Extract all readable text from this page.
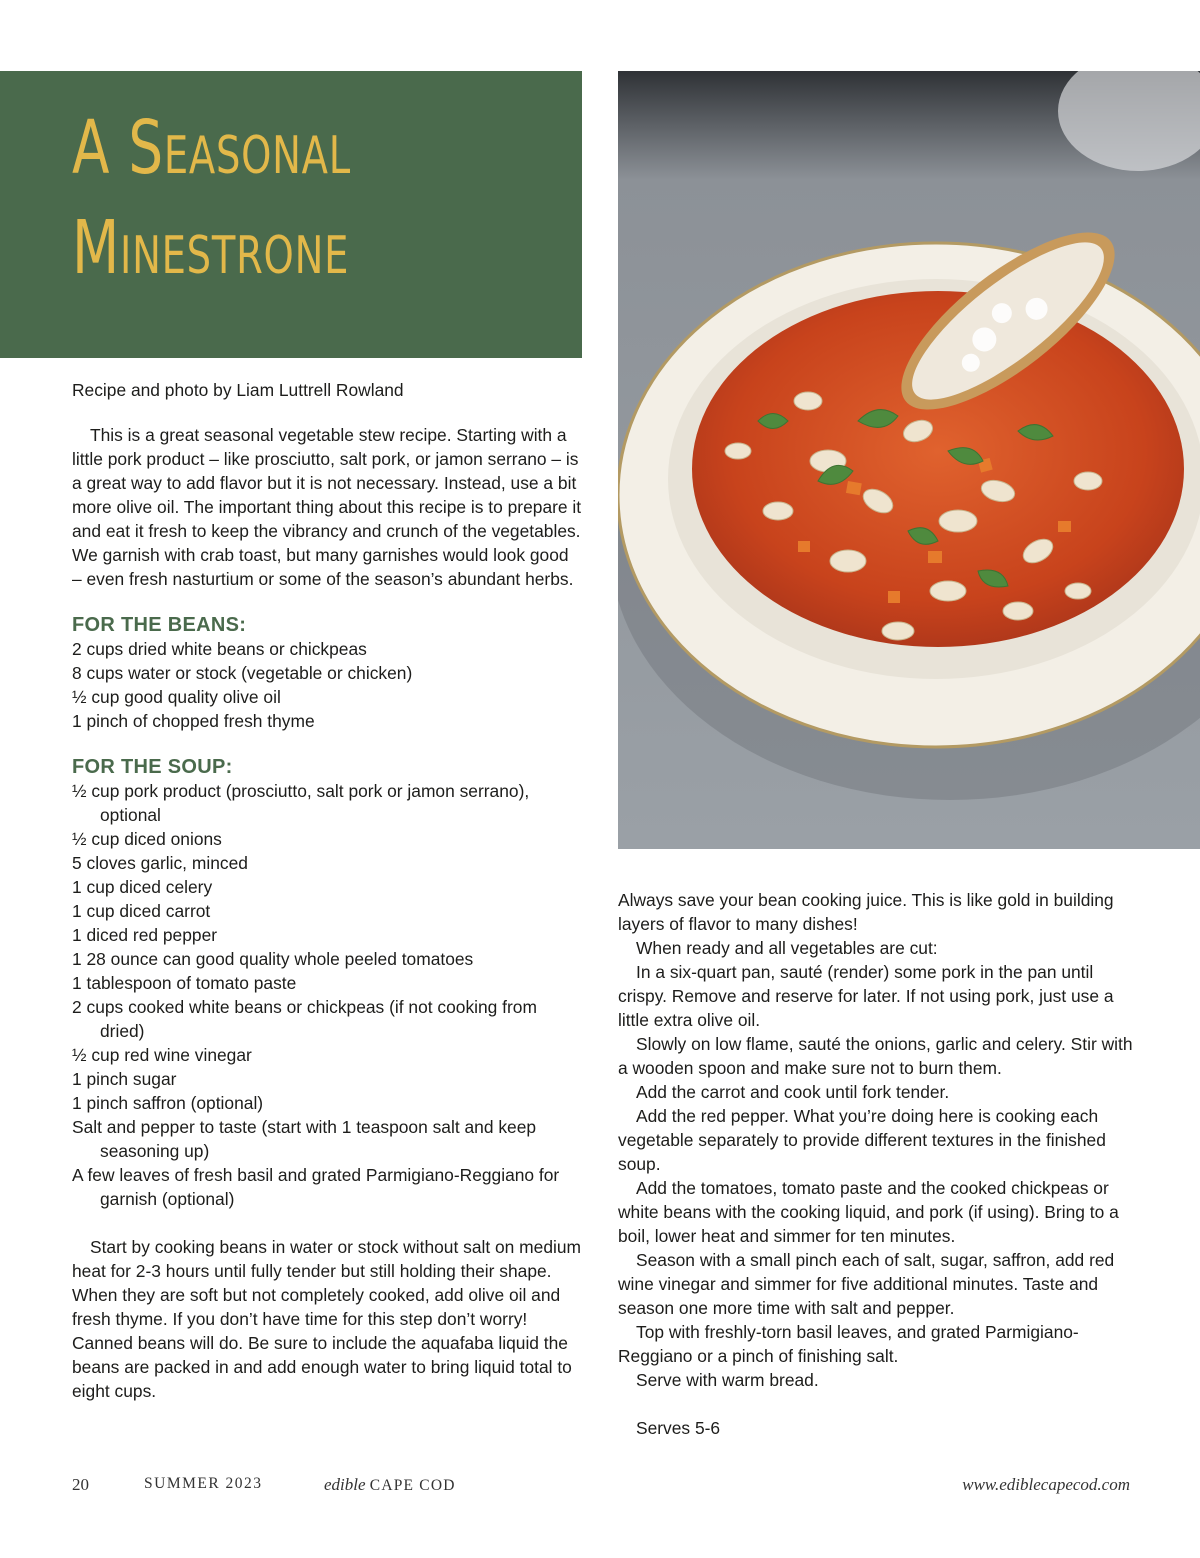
A Seasonal
Minestrone

Recipe and photo by Liam Luttrell Rowland

This is a great seasonal vegetable stew recipe. Starting with a little pork product – like prosciutto, salt pork, or jamon serrano – is a great way to add flavor but it is not necessary. Instead, use a bit more olive oil. The important thing about this recipe is to prepare it and eat it fresh to keep the vibrancy and crunch of the vegetables. We garnish with crab toast, but many garnishes would look good – even fresh nasturtium or some of the season’s abundant herbs.

FOR THE BEANS:

2 cups dried white beans or chickpeas

8 cups water or stock (vegetable or chicken)

½ cup good quality olive oil

1 pinch of chopped fresh thyme

FOR THE SOUP:

½ cup pork product (prosciutto, salt pork or jamon serrano), optional

½ cup diced onions

5 cloves garlic, minced

1 cup diced celery

1 cup diced carrot

1 diced red pepper

1 28 ounce can good quality whole peeled tomatoes

1 tablespoon of tomato paste

2 cups cooked white beans or chickpeas (if not cooking from dried)

½ cup red wine vinegar

1 pinch sugar

1 pinch saffron (optional)

Salt and pepper to taste (start with 1 teaspoon salt and keep seasoning up)

A few leaves of fresh basil and grated Parmigiano-Reggiano for garnish (optional)

Start by cooking beans in water or stock without salt on medium heat for 2-3 hours until fully tender but still holding their shape. When they are soft but not completely cooked, add olive oil and fresh thyme. If you don’t have time for this step don’t worry! Canned beans will do. Be sure to include the aquafaba liquid the beans are packed in and add enough water to bring liquid total to eight cups.

Always save your bean cooking juice. This is like gold in building layers of flavor to many dishes!

When ready and all vegetables are cut:

In a six-quart pan, sauté (render) some pork in the pan until crispy. Remove and reserve for later. If not using pork, just use a little extra olive oil.

Slowly on low flame, sauté the onions, garlic and celery. Stir with a wooden spoon and make sure not to burn them.

Add the carrot and cook until fork tender.

Add the red pepper. What you’re doing here is cooking each vegetable separately to provide different textures in the finished soup.

Add the tomatoes, tomato paste and the cooked chickpeas or white beans with the cooking liquid, and pork (if using). Bring to a boil, lower heat and simmer for ten minutes.

Season with a small pinch each of salt, sugar, saffron, add red wine vinegar and simmer for five additional minutes. Taste and season one more time with salt and pepper.

Top with freshly-torn basil leaves, and grated Parmigiano-Reggiano or a pinch of finishing salt.

Serve with warm bread.

Serves 5-6

20	SUMMER 2023	edible CAPE COD	www.ediblecapecod.com
